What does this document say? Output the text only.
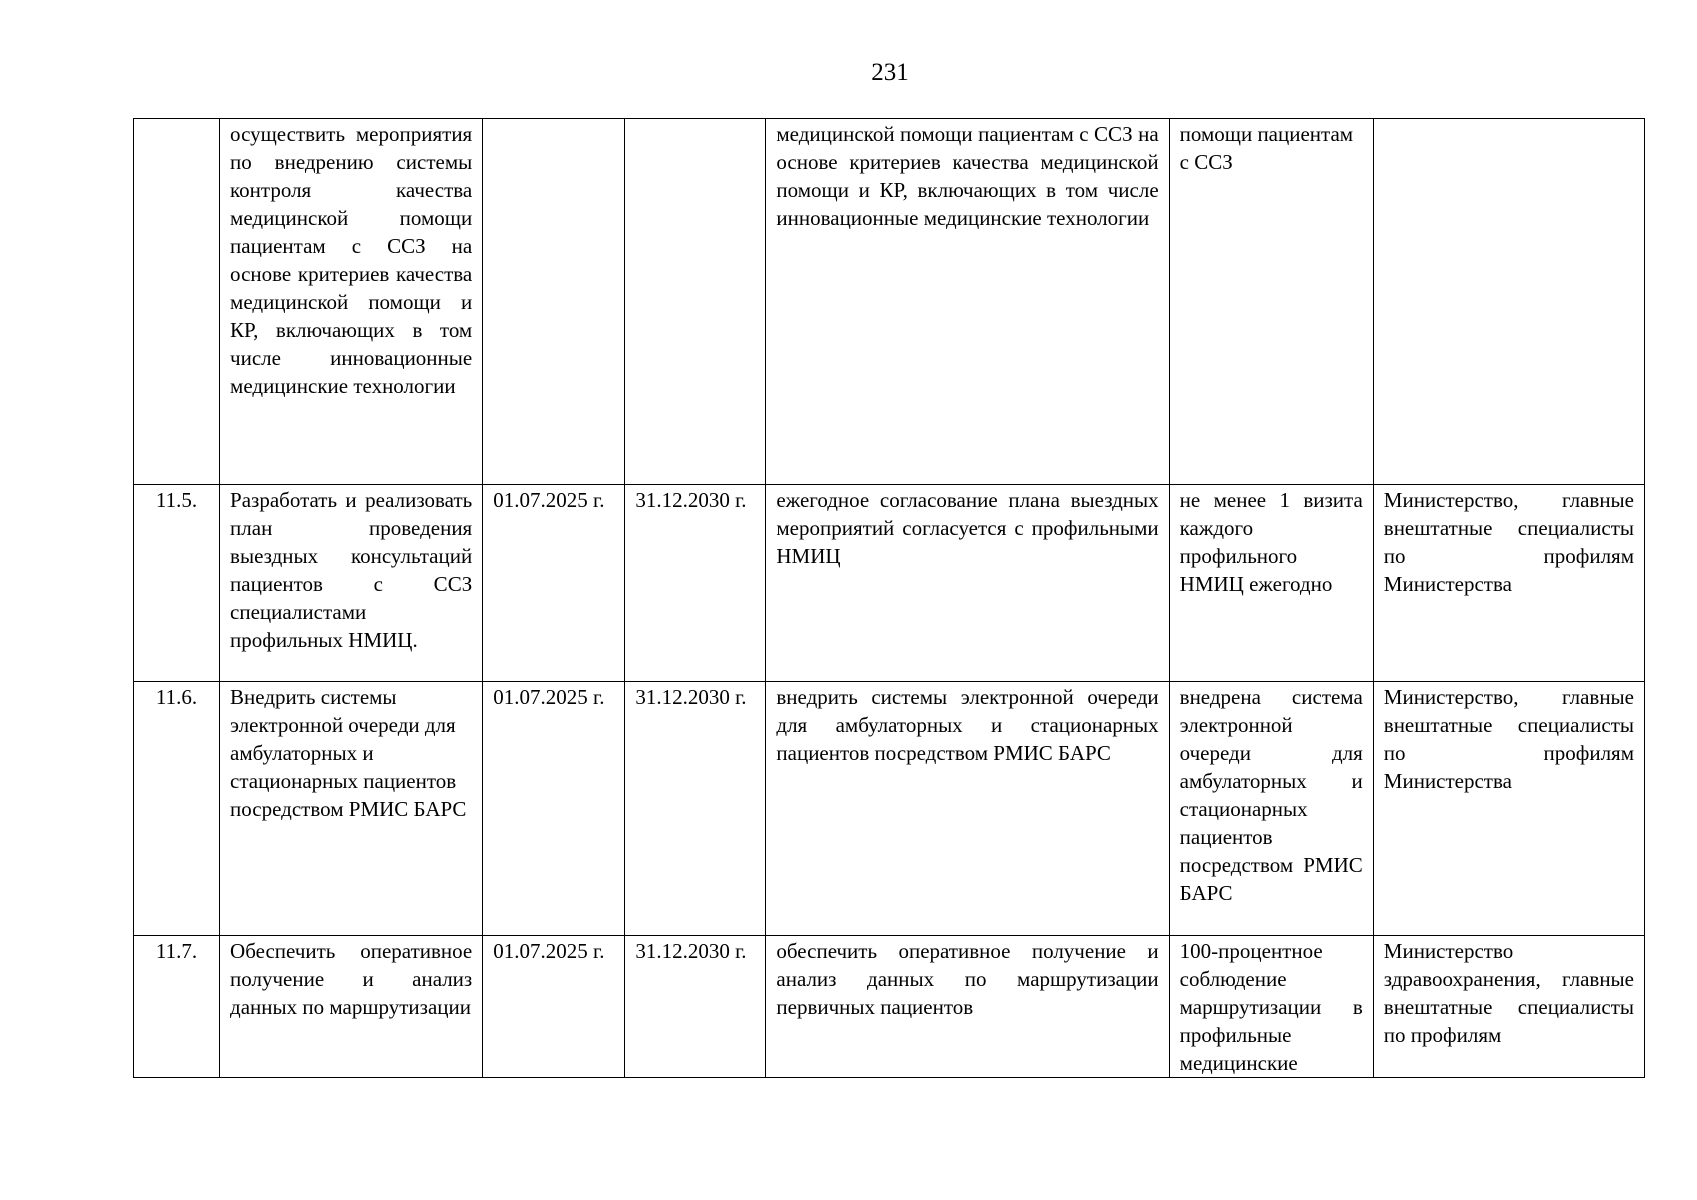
231
	осуществить мероприятия по внедрению системы контроля качества медицинской помощи пациентам с ССЗ на основе критериев качества медицинской помощи и КР, включающих в том числе инновационные медицинские технологии			медицинской помощи пациентам с ССЗ на основе критериев качества медицинской помощи и КР, включающих в том числе инновационные медицинские технологии	помощи пациентам с ССЗ	
11.5.	Разработать и реализовать план проведения выездных консультаций пациентов с ССЗ специалистами профильных НМИЦ.	01.07.2025 г.	31.12.2030 г.	ежегодное согласование плана выездных мероприятий согласуется с профильными НМИЦ	не менее 1 визита каждого профильного НМИЦ ежегодно	Министерство, главные внештатные специалисты по профилям Министерства
11.6.	Внедрить системы электронной очереди для амбулаторных и стационарных пациентов посредством РМИС БАРС	01.07.2025 г.	31.12.2030 г.	внедрить системы электронной очереди для амбулаторных и стационарных пациентов посредством РМИС БАРС	внедрена система электронной очереди для амбулаторных и стационарных пациентов посредством РМИС БАРС	Министерство, главные внештатные специалисты по профилям Министерства
11.7.	Обеспечить оперативное получение и анализ данных по маршрутизации	01.07.2025 г.	31.12.2030 г.	обеспечить оперативное получение и анализ данных по маршрутизации первичных пациентов	100-процентное соблюдение маршрутизации в профильные медицинские	Министерство здравоохранения, главные внештатные специалисты по профилям
